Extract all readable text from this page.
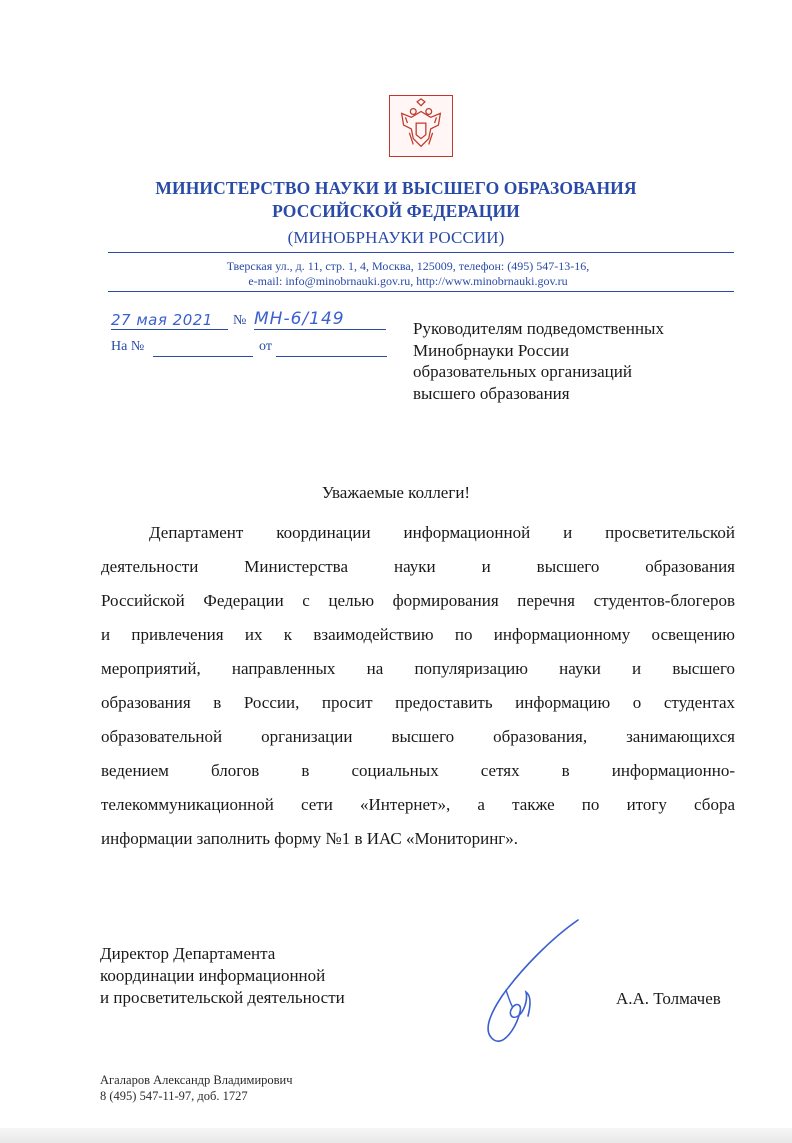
МИНИСТЕРСТВО НАУКИ И ВЫСШЕГО ОБРАЗОВАНИЯ
РОССИЙСКОЙ ФЕДЕРАЦИИ
(МИНОБРНАУКИ РОССИИ)
Тверская ул., д. 11, стр. 1, 4, Москва, 125009, телефон: (495) 547-13-16,
e-mail: info@minobrnauki.gov.ru, http://www.minobrnauki.gov.ru
27 мая 2021	№ МН-6/149
На №	от
Руководителям подведомственных
Минобрнауки России
образовательных организаций
высшего образования
Уважаемые коллеги!
Департамент координации информационной и просветительской
деятельности Министерства науки и высшего образования
Российской Федерации с целью формирования перечня студентов-блогеров
и привлечения их к взаимодействию по информационному освещению
мероприятий, направленных на популяризацию науки и высшего
образования в России, просит предоставить информацию о студентах
образовательной организации высшего образования, занимающихся
ведением блогов в социальных сетях в информационно-
телекоммуникационной сети «Интернет», а также по итогу сбора
информации заполнить форму №1 в ИАС «Мониторинг».
Директор Департамента
координации информационной
и просветительской деятельности	А.А. Толмачев
Агаларов Александр Владимирович
8 (495) 547-11-97, доб. 1727
